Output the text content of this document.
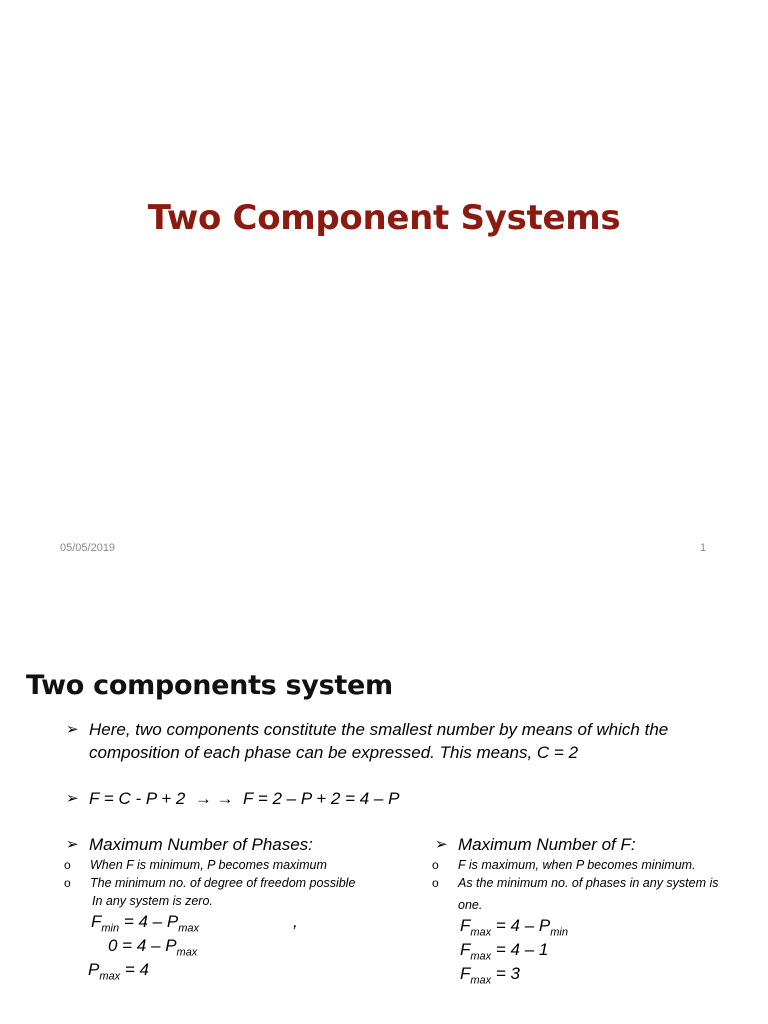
Two Component Systems
05/05/2019	1
Two components system
➢ Here, two components constitute the smallest number by means of which the
composition of each phase can be expressed. This means, C = 2
➢ F = C - P + 2  → →  F = 2 – P + 2 = 4 – P
➢ Maximum Number of Phases:
o When F is minimum, P becomes maximum
o The minimum no. of degree of freedom possible
In any system is zero.
$F_{min} = 4 - P_{max}$	,
$0 = 4 - P_{max}$
$P_{max} = 4$
➢ Maximum Number of F:
o F is maximum, when P becomes minimum.
o As the minimum no. of phases in any system is
one.
$F_{max} = 4 - P_{min}$
$F_{max} = 4 - 1$
$F_{max} = 3$
